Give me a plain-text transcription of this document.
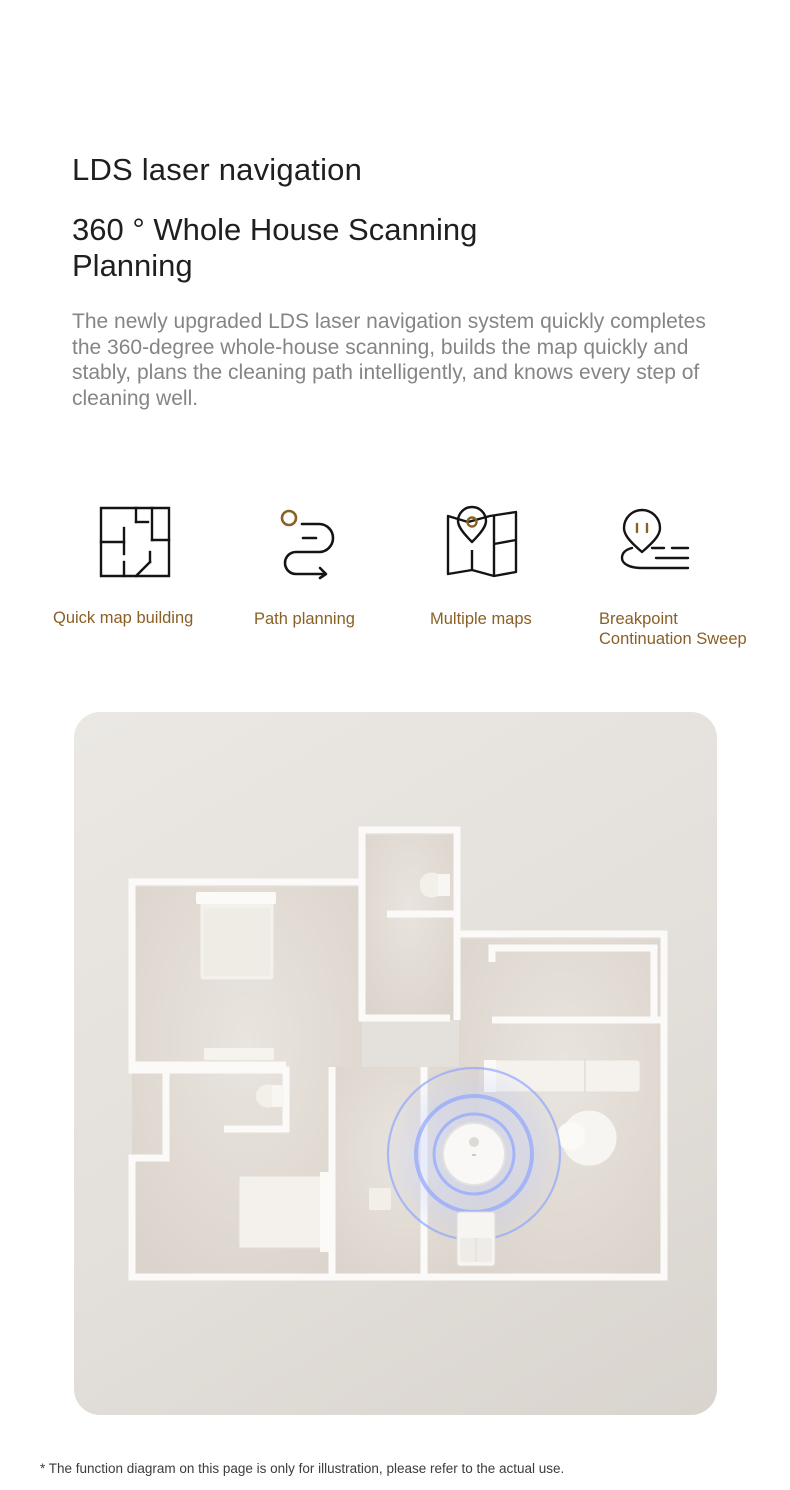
LDS laser navigation
360 ° Whole House Scanning Planning

The newly upgraded LDS laser navigation system quickly completes the 360-degree whole-house scanning, builds the map quickly and stably, plans the cleaning path intelligently, and knows every step of cleaning well.

Quick map building	Path planning	Multiple maps	Breakpoint
Continuation Sweep
* The function diagram on this page is only for illustration, please refer to the actual use.
